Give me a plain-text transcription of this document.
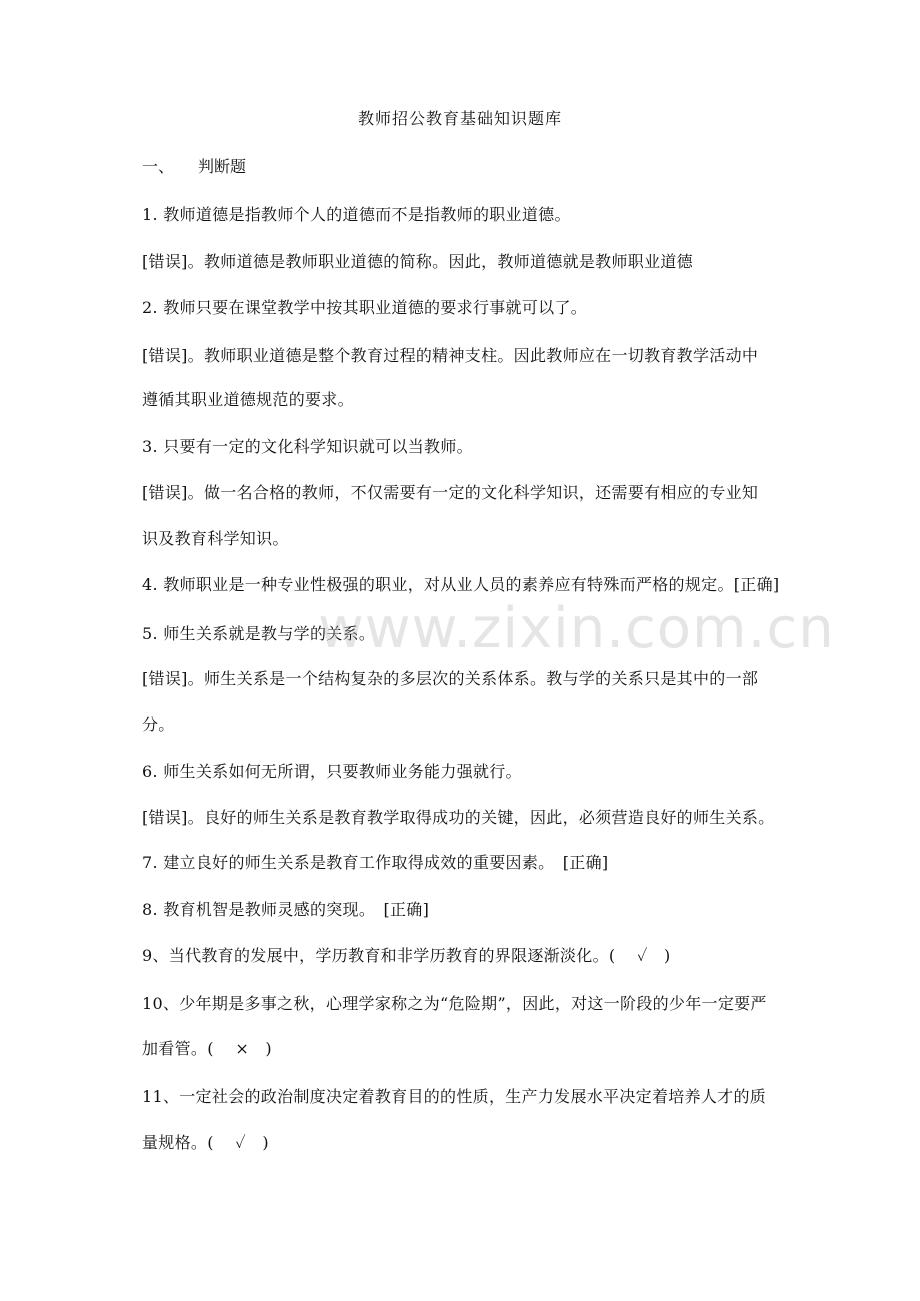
教师招公教育基础知识题库
一、 判断题
1. 教师道德是指教师个人的道德而不是指教师的职业道德。
[错误]。教师道德是教师职业道德的简称。因此，教师道德就是教师职业道德
2. 教师只要在课堂教学中按其职业道德的要求行事就可以了。
[错误]。教师职业道德是整个教育过程的精神支柱。因此教师应在一切教育教学活动中
遵循其职业道德规范的要求。
3. 只要有一定的文化科学知识就可以当教师。
[错误]。做一名合格的教师，不仅需要有一定的文化科学知识，还需要有相应的专业知
识及教育科学知识。
4. 教师职业是一种专业性极强的职业，对从业人员的素养应有特殊而严格的规定。[正确]
5. 师生关系就是教与学的关系。
[错误]。师生关系是一个结构复杂的多层次的关系体系。教与学的关系只是其中的一部
分。
6. 师生关系如何无所谓，只要教师业务能力强就行。
[错误]。良好的师生关系是教育教学取得成功的关键，因此，必须营造良好的师生关系。
7. 建立良好的师生关系是教育工作取得成效的重要因素。　[正确]
8. 教育机智是教师灵感的突现。　[正确]
9、当代教育的发展中，学历教育和非学历教育的界限逐渐淡化。(　 ✓　)
10、少年期是多事之秋，心理学家称之为“危险期”，因此，对这一阶段的少年一定要严
加看管。(　 ×　)
11、一定社会的政治制度决定着教育目的的性质，生产力发展水平决定着培养人才的质
量规格。(　 ✓　)
www.zixin.com.cn
